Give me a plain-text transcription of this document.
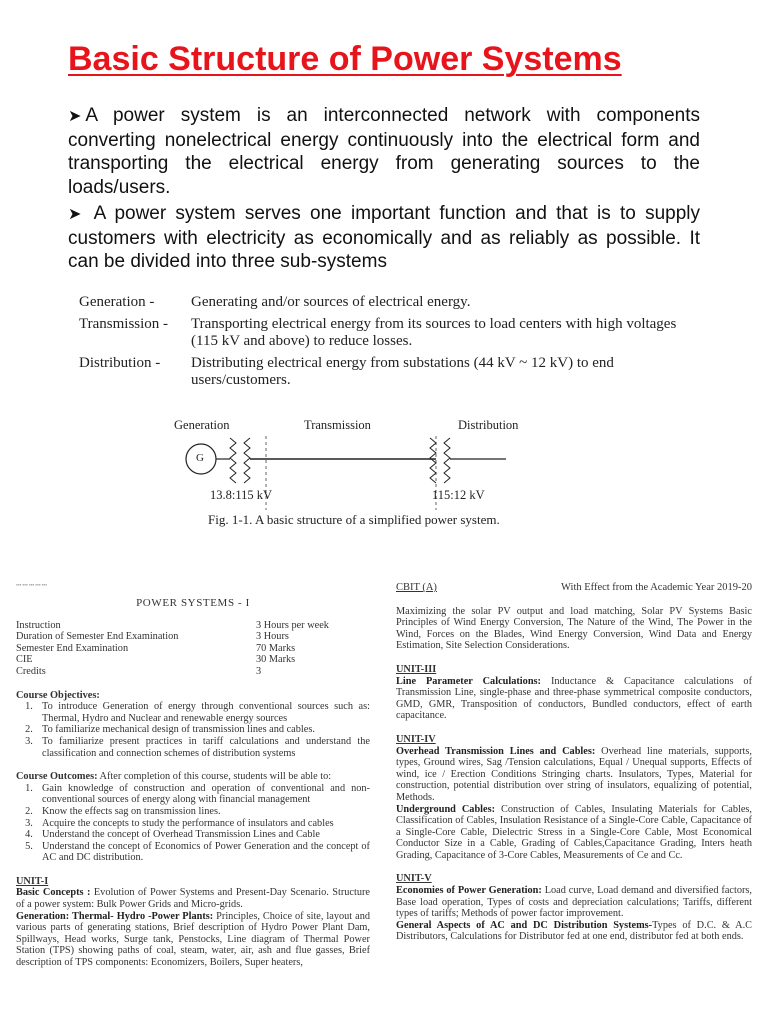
Basic Structure of Power Systems

➤ A power system is an interconnected network with components converting nonelectrical energy continuously into the electrical form and transporting the electrical energy from generating sources to the loads/users.

➤ A power system serves one important function and that is to supply customers with electricity as economically and as reliably as possible. It can be divided into three sub-systems

Generation -	Generating and/or sources of electrical energy.
Transmission -	Transporting electrical energy from its sources to load centers with high voltages (115 kV and above) to reduce losses.
Distribution -	Distributing electrical energy from substations (44 kV ~ 12 kV) to end users/customers.
Generation	Transmission	Distribution
G
13.8:115 kV	115:12 kV
Fig. 1-1. A basic structure of a simplified power system.
┄┄┄┄┄
POWER SYSTEMS - I
Instruction	3 Hours per week
Duration of Semester End Examination	3 Hours
Semester End Examination	70 Marks
CIE	30 Marks
Credits	3
Course Objectives:
1. To introduce Generation of energy through conventional sources such as: Thermal, Hydro and Nuclear and renewable energy sources
2. To familiarize mechanical design of transmission lines and cables.
3. To familiarize present practices in tariff calculations and understand the classification and connection schemes of distribution systems
Course Outcomes: After completion of this course, students will be able to:
1. Gain knowledge of construction and operation of conventional and non-conventional sources of energy along with financial management
2. Know the effects sag on transmission lines.
3. Acquire the concepts to study the performance of insulators and cables
4. Understand the concept of Overhead Transmission Lines and Cable
5. Understand the concept of Economics of Power Generation and the concept of AC and DC distribution.
UNIT-I

Basic Concepts : Evolution of Power Systems and Present-Day Scenario. Structure of a power system: Bulk Power Grids and Micro-grids.

Generation: Thermal- Hydro -Power Plants: Principles, Choice of site, layout and various parts of generating stations, Brief description of Hydro Power Plant Dam, Spillways, Head works, Surge tank, Penstocks, Line diagram of Thermal Power Station (TPS) showing paths of coal, steam, water, air, ash and flue gasses, Brief description of TPS components: Economizers, Boilers, Super heaters,

CBIT (A)	With Effect from the Academic Year 2019-20

Maximizing the solar PV output and load matching, Solar PV Systems Basic Principles of Wind Energy Conversion, The Nature of the Wind, The Power in the Wind, Forces on the Blades, Wind Energy Conversion, Wind Data and Energy Estimation, Site Selection Considerations.

UNIT-III

Line Parameter Calculations: Inductance & Capacitance calculations of Transmission Line, single-phase and three-phase symmetrical composite conductors, GMD, GMR, Transposition of conductors, Bundled conductors, effect of earth capacitance.

UNIT-IV

Overhead Transmission Lines and Cables: Overhead line materials, supports, types, Ground wires, Sag /Tension calculations, Equal / Unequal supports, Effects of wind, ice / Erection Conditions Stringing charts. Insulators, Types, Material for construction, potential distribution over string of insulators, equalizing of potential, Methods.

Underground Cables: Construction of Cables, Insulating Materials for Cables, Classification of Cables, Insulation Resistance of a Single-Core Cable, Capacitance of a Single-Core Cable, Dielectric Stress in a Single-Core Cable, Most Economical Conductor Size in a Cable, Grading of Cables,Capacitance Grading, Inters heath Grading, Capacitance of 3-Core Cables, Measurements of Ce and Cc.

UNIT-V

Economies of Power Generation: Load curve, Load demand and diversified factors, Base load operation, Types of costs and depreciation calculations; Tariffs, different types of tariffs; Methods of power factor improvement.

General Aspects of AC and DC Distribution Systems-Types of D.C. & A.C Distributors, Calculations for Distributor fed at one end, distributor fed at both ends.
